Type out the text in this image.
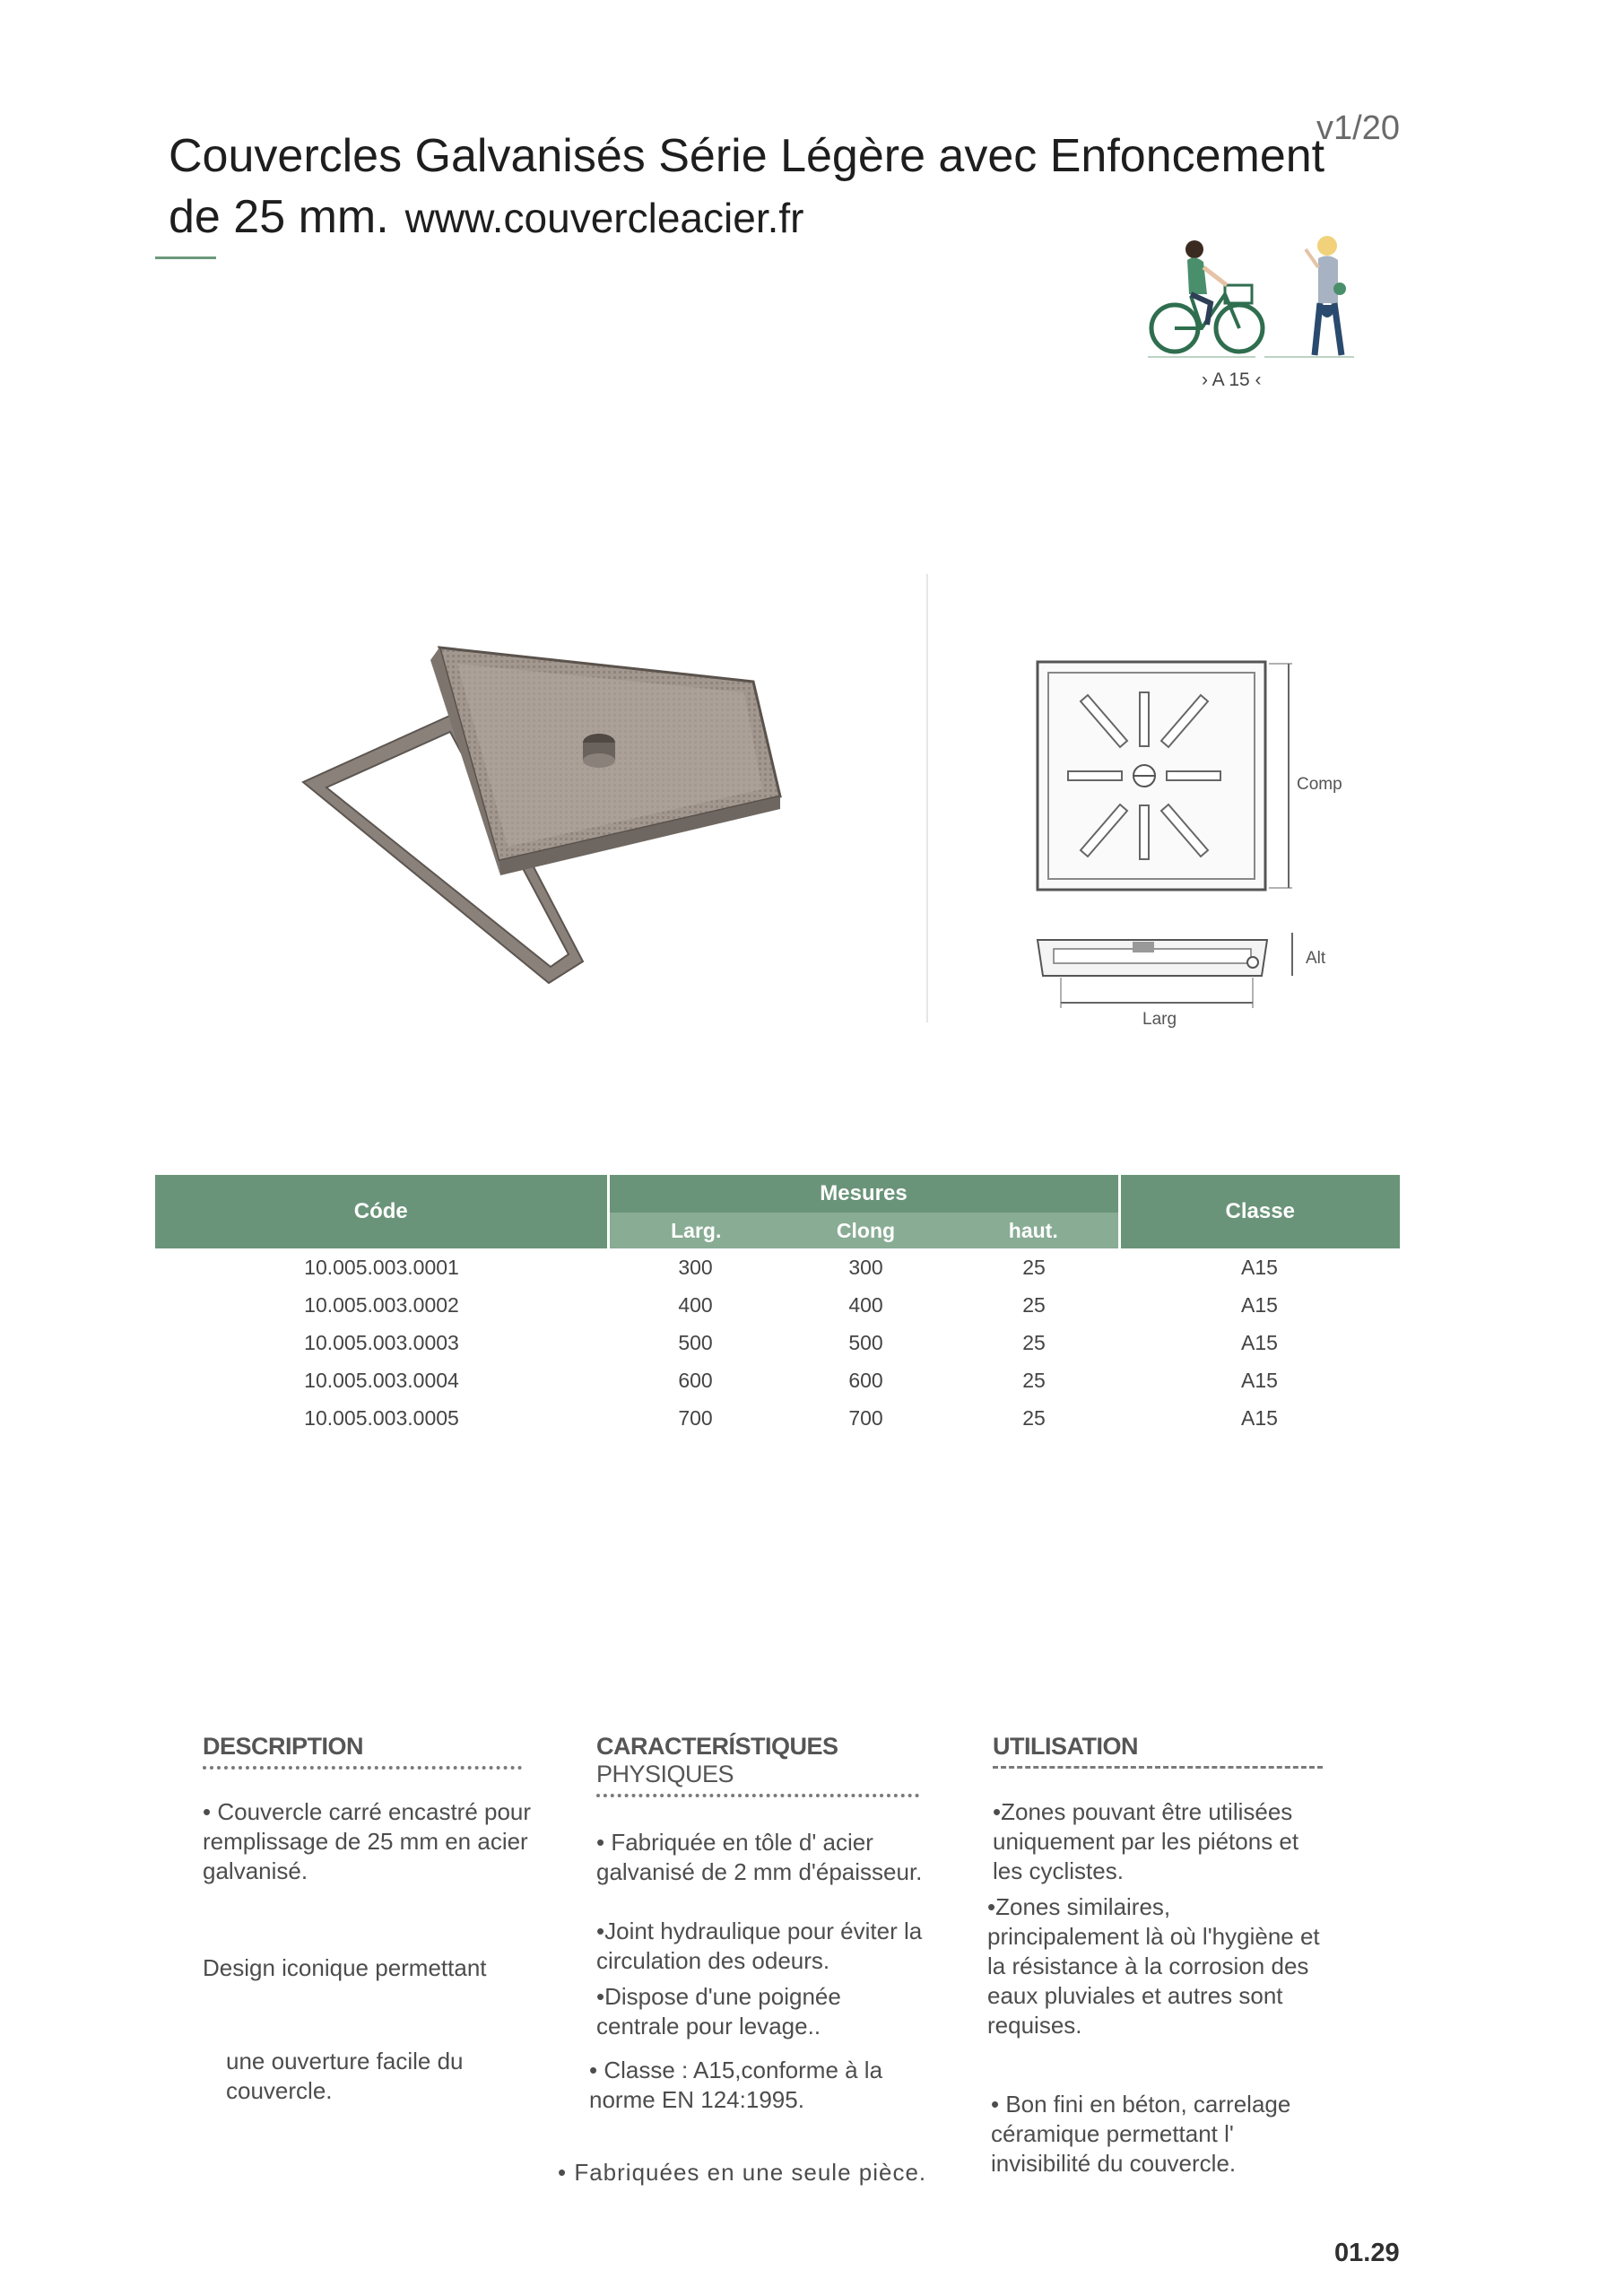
Couvercles Galvanisés Série Légère avec Enfoncement
de 25 mm. www.couvercleacier.fr
v1/20
› A 15 ‹
Comp
Alt
Larg
Códe	Mesures			Classe
	Larg.	Clong	haut.	
10.005.003.0001	300	300	25	A15
10.005.003.0002	400	400	25	A15
10.005.003.0003	500	500	25	A15
10.005.003.0004	600	600	25	A15
10.005.003.0005	700	700	25	A15
DESCRIPTION
• Couvercle carré encastré pour remplissage de 25 mm en acier galvanisé.
Design iconique permettant
une ouverture facile du couvercle.
CARACTERÍSTIQUES
PHYSIQUES
• Fabriquée en tôle d' acier galvanisé de 2 mm d'épaisseur.
•Joint hydraulique pour éviter la circulation des odeurs.
•Dispose d'une poignée centrale pour levage..
• Classe : A15,conforme à la norme EN 124:1995.
• Fabriquées en une seule pièce.
UTILISATION
•Zones pouvant être utilisées uniquement par les piétons et les cyclistes.
•Zones similaires, principalement là où l'hygiène et la résistance à la corrosion des eaux pluviales et autres sont requises.
• Bon fini en béton, carrelage céramique permettant l' invisibilité du couvercle.
01.29
